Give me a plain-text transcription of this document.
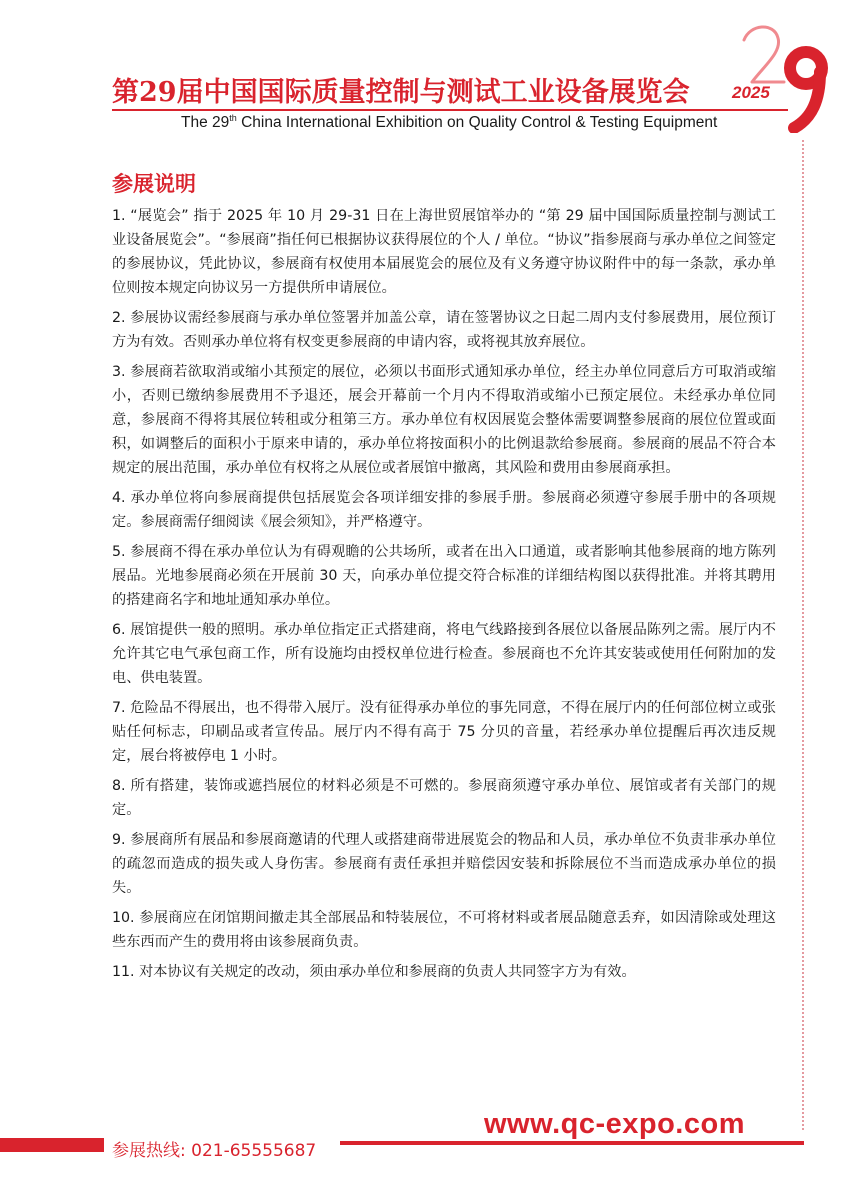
第29届中国国际质量控制与测试工业设备展览会
The 29th China International Exhibition on Quality Control & Testing Equipment
2025
参展说明

1. “展览会” 指于 2025 年 10 月 29-31 日在上海世贸展馆举办的 “第 29 届中国国际质量控制与测试工业设备展览会”。“参展商”指任何已根据协议获得展位的个人 / 单位。“协议”指参展商与承办单位之间签定的参展协议，凭此协议，参展商有权使用本届展览会的展位及有义务遵守协议附件中的每一条款，承办单位则按本规定向协议另一方提供所申请展位。

2. 参展协议需经参展商与承办单位签署并加盖公章，请在签署协议之日起二周内支付参展费用，展位预订方为有效。否则承办单位将有权变更参展商的申请内容，或将视其放弃展位。

3. 参展商若欲取消或缩小其预定的展位，必须以书面形式通知承办单位，经主办单位同意后方可取消或缩小，否则已缴纳参展费用不予退还，展会开幕前一个月内不得取消或缩小已预定展位。未经承办单位同意，参展商不得将其展位转租或分租第三方。承办单位有权因展览会整体需要调整参展商的展位位置或面积，如调整后的面积小于原来申请的，承办单位将按面积小的比例退款给参展商。参展商的展品不符合本规定的展出范围，承办单位有权将之从展位或者展馆中撤离，其风险和费用由参展商承担。

4. 承办单位将向参展商提供包括展览会各项详细安排的参展手册。参展商必须遵守参展手册中的各项规定。参展商需仔细阅读《展会须知》，并严格遵守。

5. 参展商不得在承办单位认为有碍观瞻的公共场所，或者在出入口通道，或者影响其他参展商的地方陈列展品。光地参展商必须在开展前 30 天，向承办单位提交符合标准的详细结构图以获得批准。并将其聘用的搭建商名字和地址通知承办单位。

6. 展馆提供一般的照明。承办单位指定正式搭建商，将电气线路接到各展位以备展品陈列之需。展厅内不允许其它电气承包商工作，所有设施均由授权单位进行检查。参展商也不允许其安装或使用任何附加的发电、供电装置。

7. 危险品不得展出，也不得带入展厅。没有征得承办单位的事先同意，不得在展厅内的任何部位树立或张贴任何标志，印刷品或者宣传品。展厅内不得有高于 75 分贝的音量，若经承办单位提醒后再次违反规定，展台将被停电 1 小时。

8. 所有搭建，装饰或遮挡展位的材料必须是不可燃的。参展商须遵守承办单位、展馆或者有关部门的规定。

9. 参展商所有展品和参展商邀请的代理人或搭建商带进展览会的物品和人员，承办单位不负责非承办单位的疏忽而造成的损失或人身伤害。参展商有责任承担并赔偿因安装和拆除展位不当而造成承办单位的损失。

10. 参展商应在闭馆期间撤走其全部展品和特装展位，不可将材料或者展品随意丢弃，如因清除或处理这些东西而产生的费用将由该参展商负责。

11. 对本协议有关规定的改动，须由承办单位和参展商的负责人共同签字方为有效。

www.qc-expo.com
参展热线: 021-65555687
